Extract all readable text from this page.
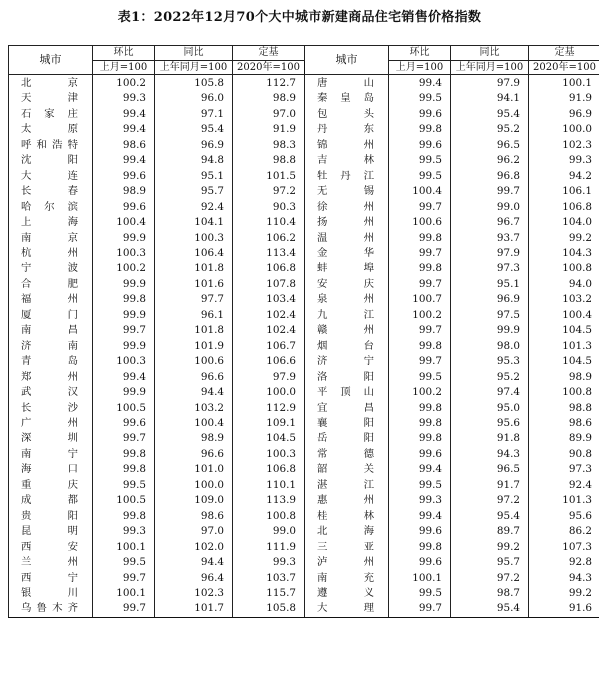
表1：2022年12月70个大中城市新建商品住宅销售价格指数
城市	环比	同比	定基	城市	环比	同比	定基
	上月=100	上年同月=100	2020年=100		上月=100	上年同月=100	2020年=100
北　京	100.2	105.8	112.7	唐　山	99.4	97.9	100.1
天　津	99.3	96.0	98.9	秦皇岛	99.5	94.1	91.9
石家庄	99.4	97.1	97.0	包　头	99.6	95.4	96.9
太　原	99.4	95.4	91.9	丹　东	99.8	95.2	100.0
呼和浩特	98.6	96.9	98.3	锦　州	99.6	96.5	102.3
沈　阳	99.4	94.8	98.8	吉　林	99.5	96.2	99.3
大　连	99.6	95.1	101.5	牡丹江	99.5	96.8	94.2
长　春	98.9	95.7	97.2	无　锡	100.4	99.7	106.1
哈尔滨	99.6	92.4	90.3	徐　州	99.7	99.0	106.8
上　海	100.4	104.1	110.4	扬　州	100.6	96.7	104.0
南　京	99.9	100.3	106.2	温　州	99.8	93.7	99.2
杭　州	100.3	106.4	113.4	金　华	99.7	97.9	104.3
宁　波	100.2	101.8	106.8	蚌　埠	99.8	97.3	100.8
合　肥	99.9	101.6	107.8	安　庆	99.7	95.1	94.0
福　州	99.8	97.7	103.4	泉　州	100.7	96.9	103.2
厦　门	99.9	96.1	102.4	九　江	100.2	97.5	100.4
南　昌	99.7	101.8	102.4	赣　州	99.7	99.9	104.5
济　南	99.9	101.9	106.7	烟　台	99.8	98.0	101.3
青　岛	100.3	100.6	106.6	济　宁	99.7	95.3	104.5
郑　州	99.4	96.6	97.9	洛　阳	99.5	95.2	98.9
武　汉	99.9	94.4	100.0	平顶山	100.2	97.4	100.8
长　沙	100.5	103.2	112.9	宜　昌	99.8	95.0	98.8
广　州	99.6	100.4	109.1	襄　阳	99.8	95.6	98.6
深　圳	99.7	98.9	104.5	岳　阳	99.8	91.8	89.9
南　宁	99.8	96.6	100.3	常　德	99.6	94.3	90.8
海　口	99.8	101.0	106.8	韶　关	99.4	96.5	97.3
重　庆	99.5	100.0	110.1	湛　江	99.5	91.7	92.4
成　都	100.5	109.0	113.9	惠　州	99.3	97.2	101.3
贵　阳	99.8	98.6	100.8	桂　林	99.4	95.4	95.6
昆　明	99.3	97.0	99.0	北　海	99.6	89.7	86.2
西　安	100.1	102.0	111.9	三　亚	99.8	99.2	107.3
兰　州	99.5	94.4	99.3	泸　州	99.6	95.7	92.8
西　宁	99.7	96.4	103.7	南　充	100.1	97.2	94.3
银　川	100.1	102.3	115.7	遵　义	99.5	98.7	99.2
乌鲁木齐	99.7	101.7	105.8	大　理	99.7	95.4	91.6
